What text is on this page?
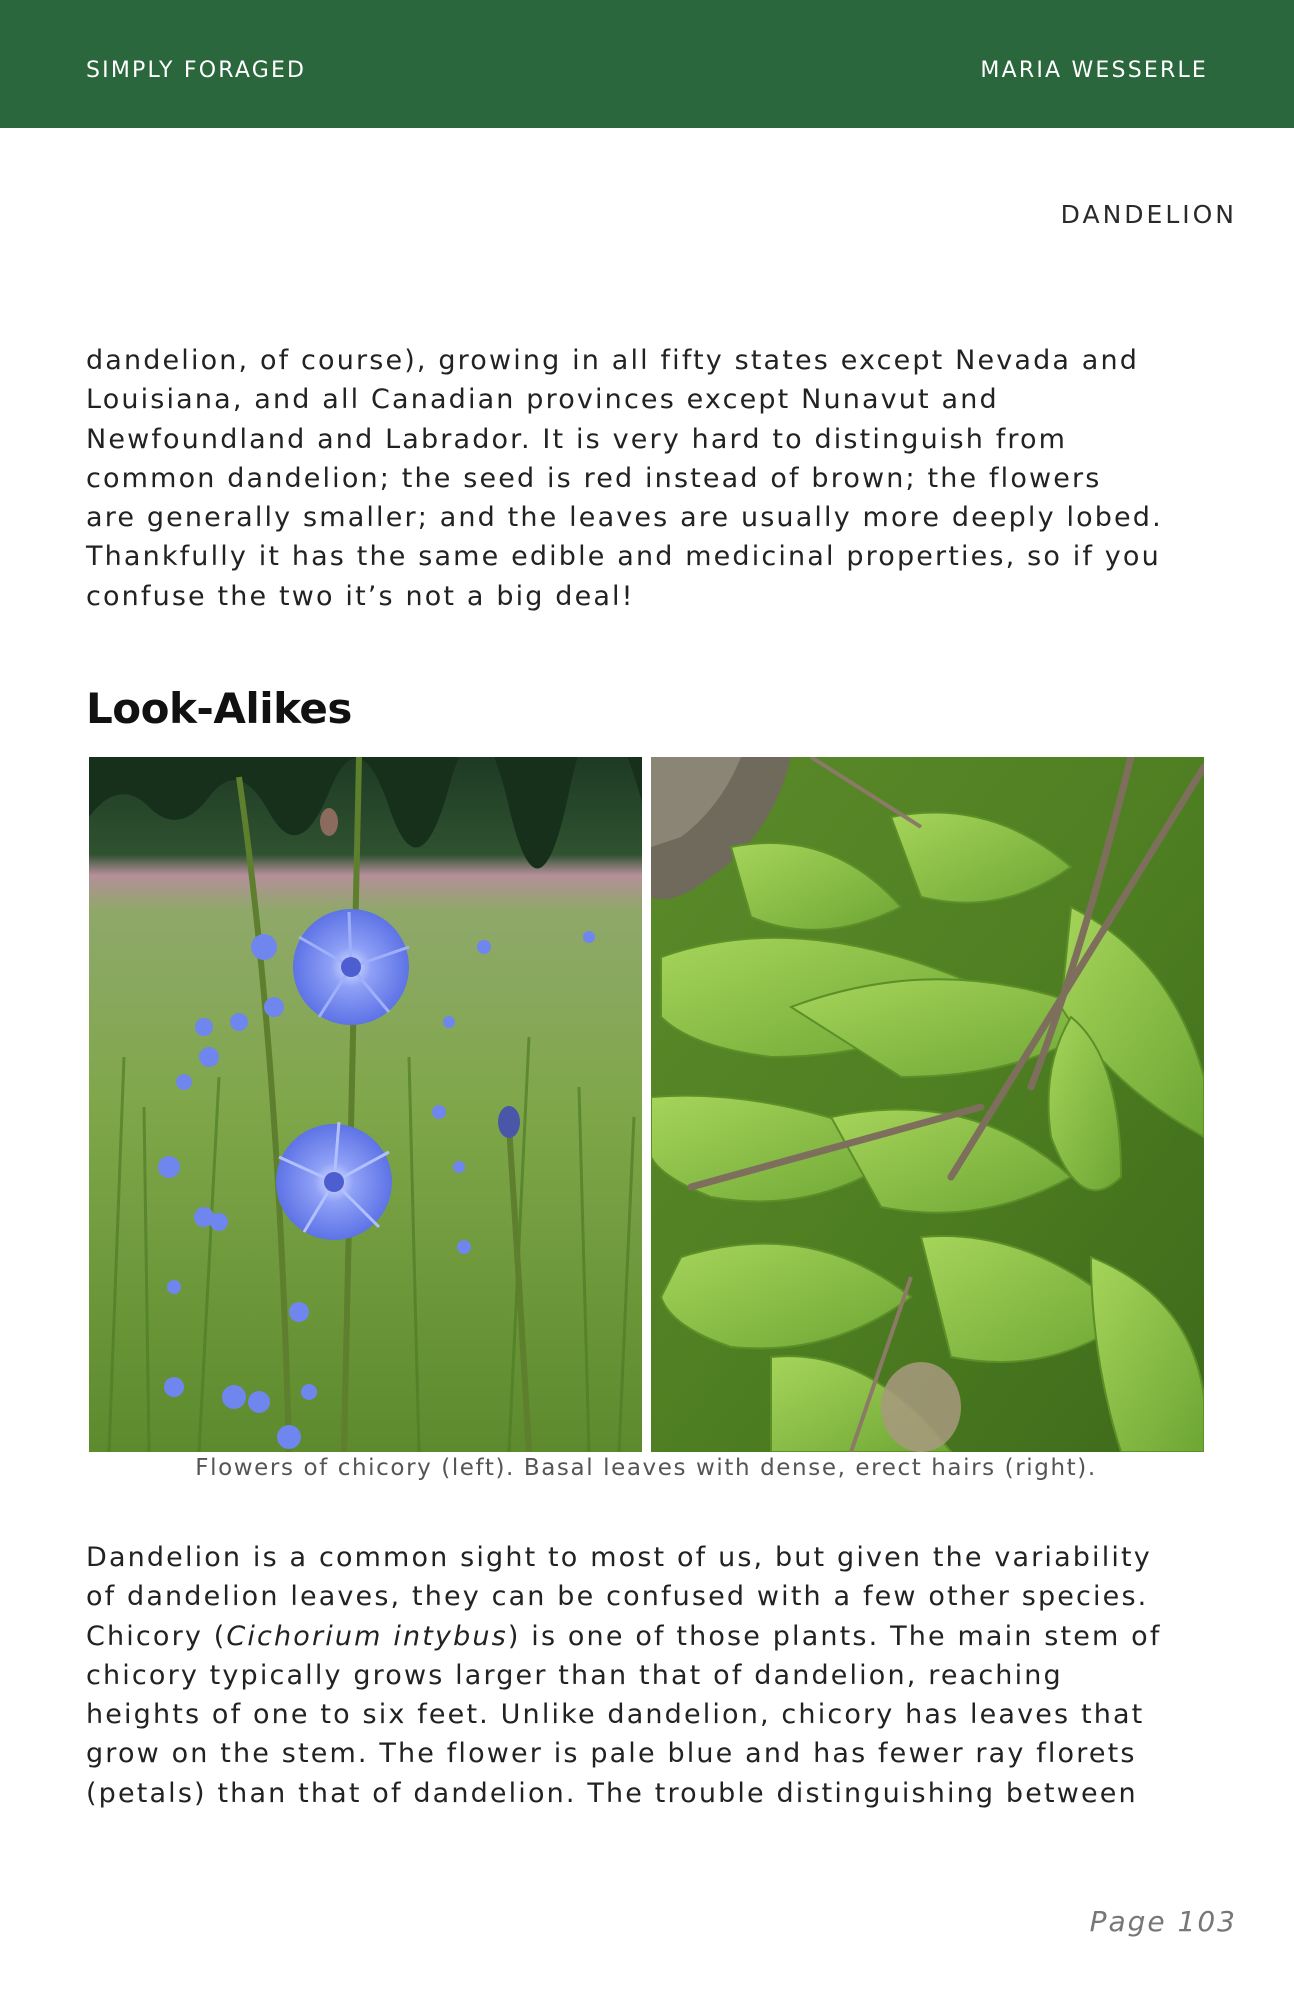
SIMPLY FORAGED	MARIA WESSERLE
DANDELION
dandelion, of course), growing in all fifty states except Nevada and
Louisiana, and all Canadian provinces except Nunavut and
Newfoundland and Labrador. It is very hard to distinguish from
common dandelion; the seed is red instead of brown; the flowers
are generally smaller; and the leaves are usually more deeply lobed.
Thankfully it has the same edible and medicinal properties, so if you
confuse the two it’s not a big deal!
Look-Alikes
Flowers of chicory (left). Basal leaves with dense, erect hairs (right).
Dandelion is a common sight to most of us, but given the variability
of dandelion leaves, they can be confused with a few other species.
Chicory (Cichorium intybus) is one of those plants. The main stem of
chicory typically grows larger than that of dandelion, reaching
heights of one to six feet. Unlike dandelion, chicory has leaves that
grow on the stem. The flower is pale blue and has fewer ray florets
(petals) than that of dandelion. The trouble distinguishing between
Page 103
